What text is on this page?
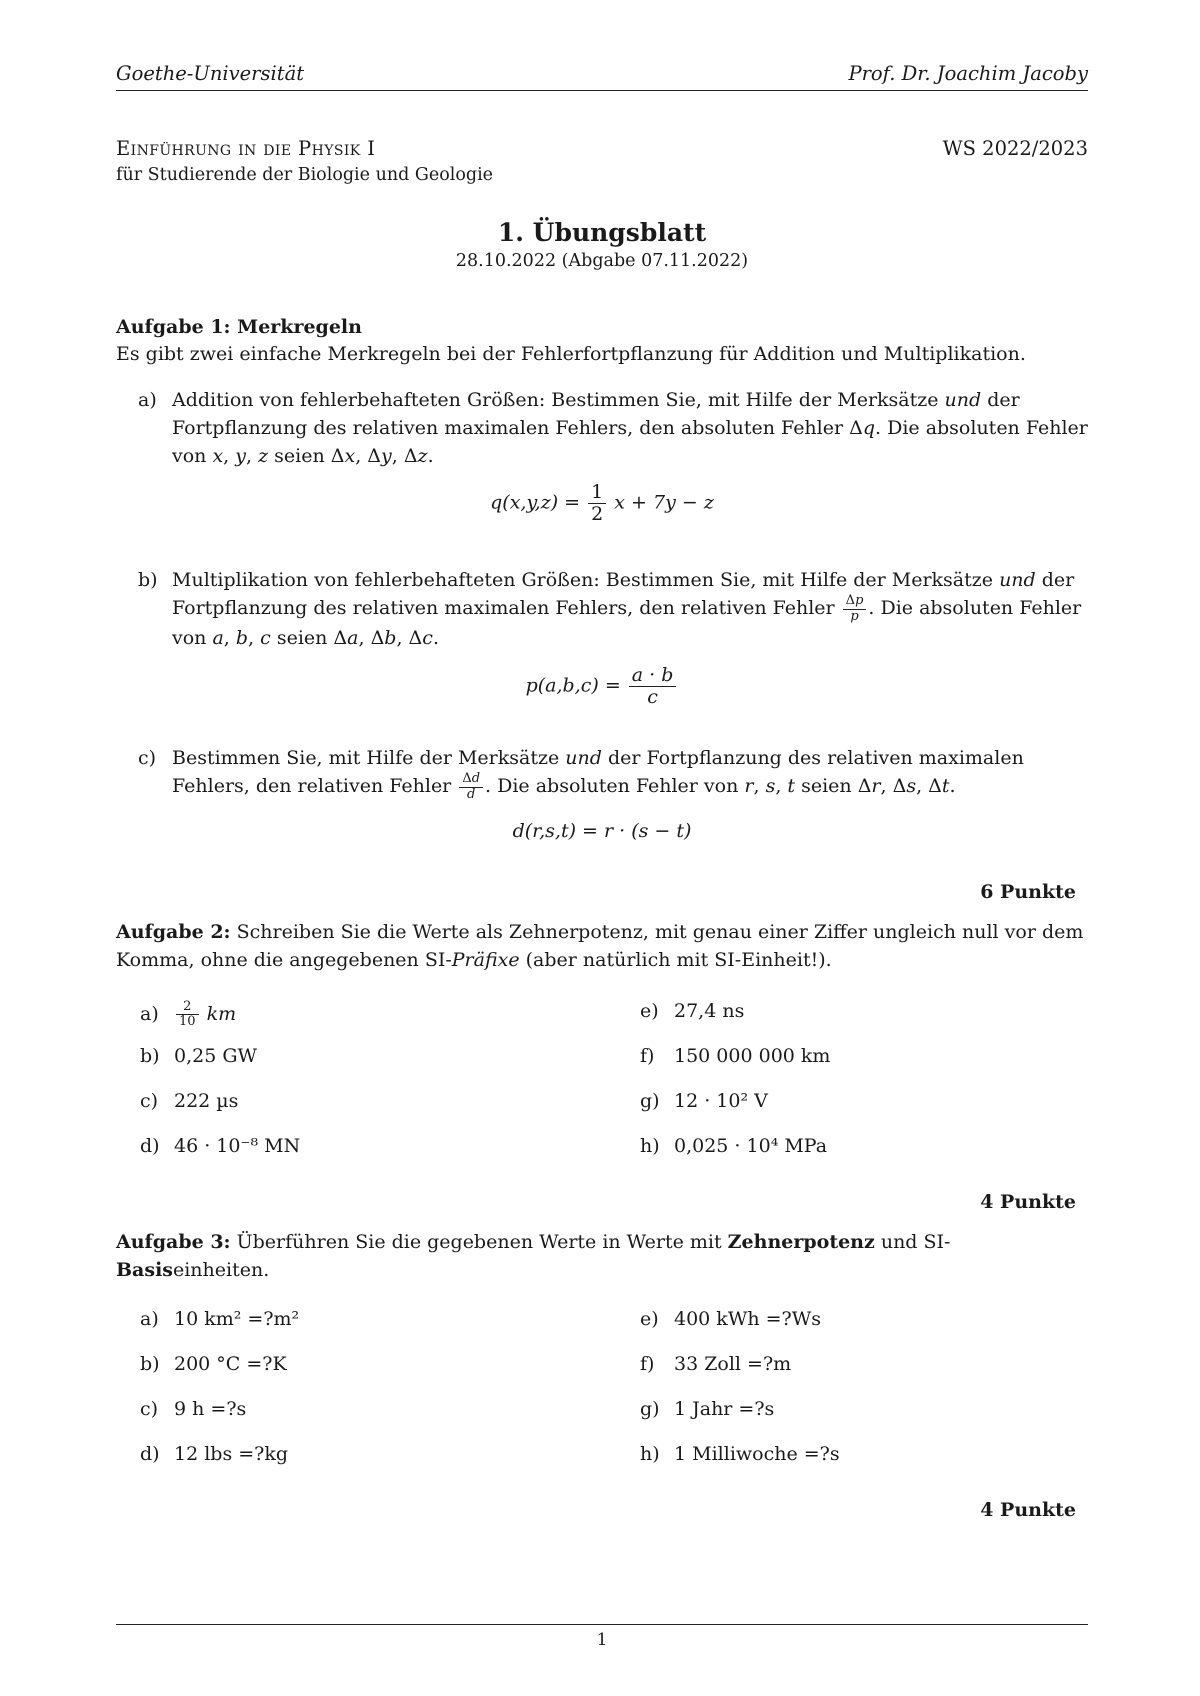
Goethe-Universität	Prof. Dr. Joachim Jacoby
Einführung in die Physik I	WS 2022/2023
für Studierende der Biologie und Geologie
1. Übungsblatt
28.10.2022 (Abgabe 07.11.2022)
Aufgabe 1: Merkregeln
Es gibt zwei einfache Merkregeln bei der Fehlerfortpflanzung für Addition und Multiplikation.
a) Addition von fehlerbehafteten Größen: Bestimmen Sie, mit Hilfe der Merksätze und der Fortpflanzung des relativen maximalen Fehlers, den absoluten Fehler Δq. Die absoluten Fehler von x, y, z seien Δx, Δy, Δz.
$q(x,y,z) = \frac{1}{2}$ x + 7y − z
b) Multiplikation von fehlerbehafteten Größen: Bestimmen Sie, mit Hilfe der Merksätze und der Fortpflanzung des relativen maximalen Fehlers, den relativen Fehler $\frac{\Delta p}{p}$ . Die absoluten Fehler von a, b, c seien Δa, Δb, Δc.
$p(a,b,c) = \frac{a \cdot b}{c}$
c) Bestimmen Sie, mit Hilfe der Merksätze und der Fortpflanzung des relativen maximalen Fehlers, den relativen Fehler $\frac{\Delta d}{d}$ . Die absoluten Fehler von r, s, t seien Δr, Δs, Δt.
d(r,s,t) = r · (s − t)
6 Punkte
Aufgabe 2: Schreiben Sie die Werte als Zehnerpotenz, mit genau einer Ziffer ungleich null vor dem Komma, ohne die angegebenen SI-Präfixe (aber natürlich mit SI-Einheit!).
$a) \frac{2}{10}$ km
b) 0,25 GW
c) 222 µs
d) 46 · 10⁻⁸ MN
e) 27,4 ns
f) 150 000 000 km
g) 12 · 10² V
h) 0,025 · 10⁴ MPa
4 Punkte
Aufgabe 3: Überführen Sie die gegebenen Werte in Werte mit Zehnerpotenz und SI-Basiseinheiten.
a) 10 km² =?m²
b) 200 °C =?K
c) 9 h =?s
d) 12 lbs =?kg
e) 400 kWh =?Ws
f) 33 Zoll =?m
g) 1 Jahr =?s
h) 1 Milliwoche =?s
4 Punkte
1
